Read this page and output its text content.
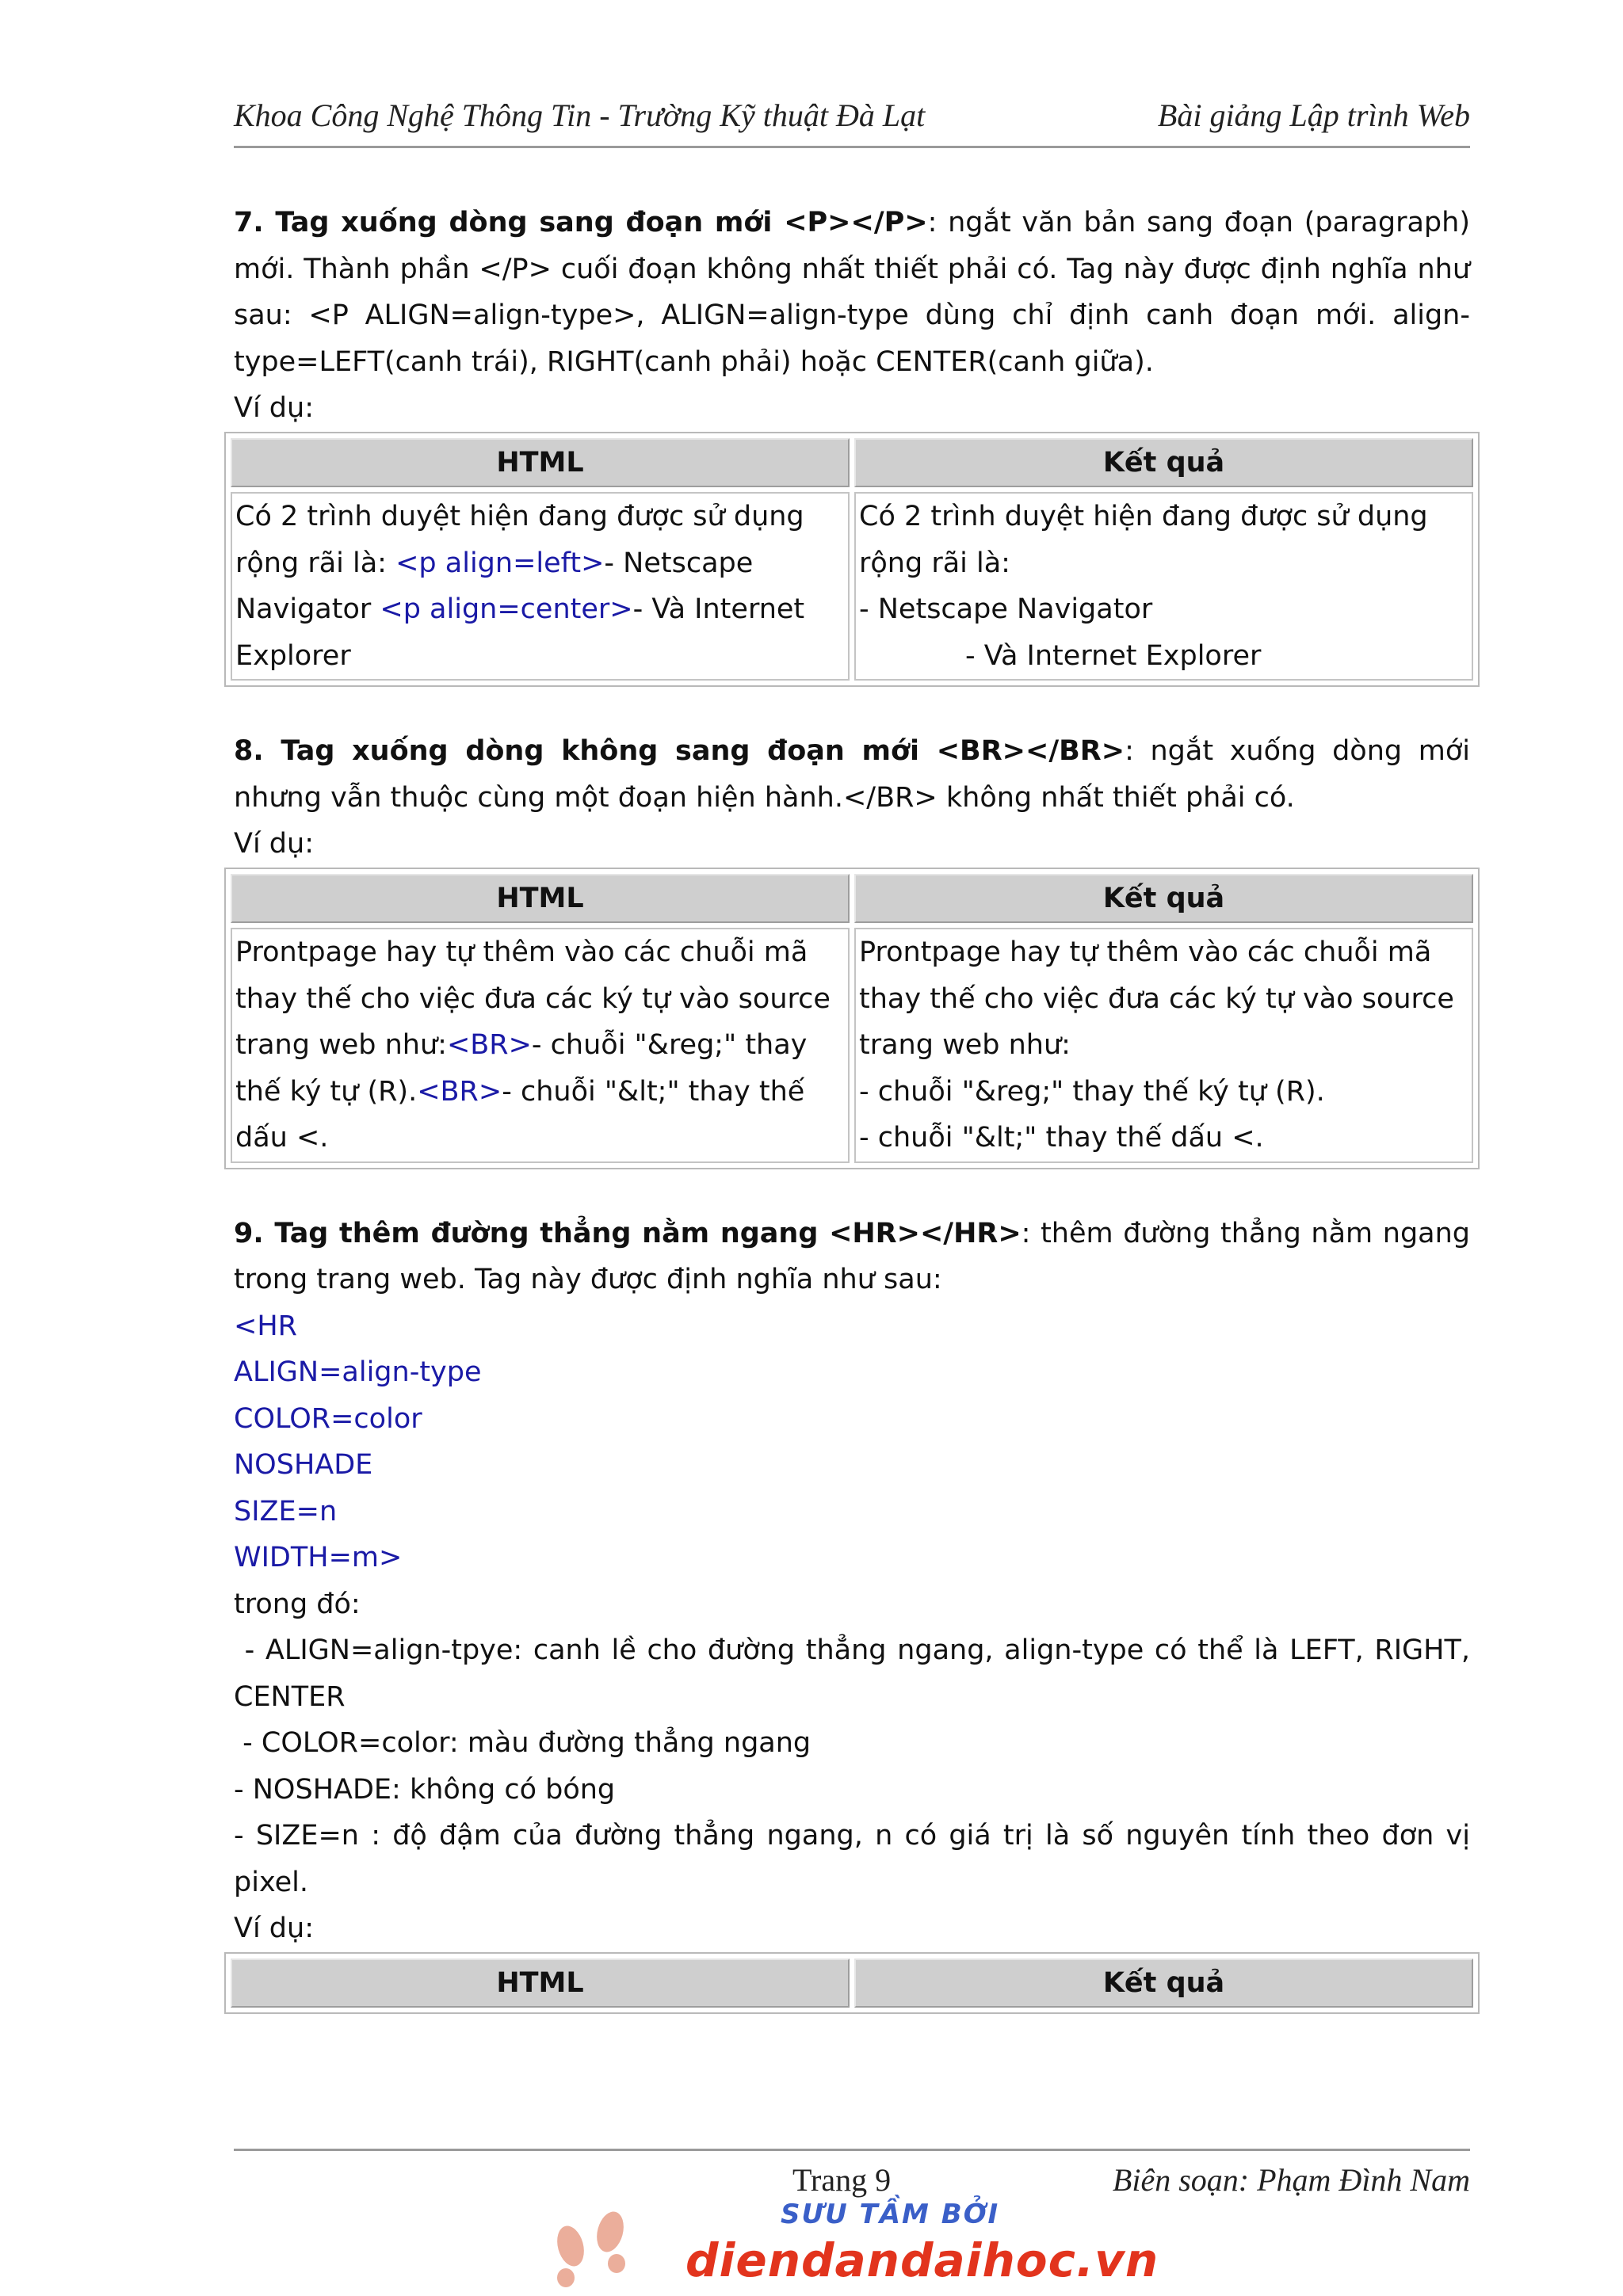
Khoa Công Nghệ Thông Tin - Trường Kỹ thuật Đà Lạt	Bài giảng Lập trình Web

7. Tag xuống dòng sang đoạn mới <P></P>: ngắt văn bản sang đoạn (paragraph) mới. Thành phần </P> cuối đoạn không nhất thiết phải có. Tag này được định nghĩa như sau: <P ALIGN=align-type>, ALIGN=align-type dùng chỉ định canh đoạn mới. align-type=LEFT(canh trái), RIGHT(canh phải) hoặc CENTER(canh giữa).

Ví dụ:

HTML	Kết quả
Có 2 trình duyệt hiện đang được sử dụng rộng rãi là: <p align=left>- Netscape Navigator <p align=center>- Và Internet Explorer	Có 2 trình duyệt hiện đang được sử dụng rộng rãi là:
- Netscape Navigator
- Và Internet Explorer

8. Tag xuống dòng không sang đoạn mới <BR></BR>: ngắt xuống dòng mới nhưng vẫn thuộc cùng một đoạn hiện hành.</BR> không nhất thiết phải có.

Ví dụ:

HTML	Kết quả
Prontpage hay tự thêm vào các chuỗi mã thay thế cho việc đưa các ký tự vào source trang web như:<BR>- chuỗi "&reg;" thay thế ký tự (R).<BR>- chuỗi "&lt;" thay thế dấu <.	Prontpage hay tự thêm vào các chuỗi mã thay thế cho việc đưa các ký tự vào source trang web như:
- chuỗi "&reg;" thay thế ký tự (R).
- chuỗi "&lt;" thay thế dấu <.

9. Tag thêm đường thẳng nằm ngang <HR></HR>: thêm đường thẳng nằm ngang trong trang web. Tag này được định nghĩa như sau:

<HR
ALIGN=align-type
COLOR=color
NOSHADE
SIZE=n
WIDTH=m>

trong đó:

- ALIGN=align-tpye: canh lề cho đường thẳng ngang, align-type có thể là LEFT, RIGHT, CENTER

- COLOR=color: màu đường thẳng ngang

- NOSHADE: không có bóng

- SIZE=n : độ đậm của đường thẳng ngang, n có giá trị là số nguyên tính theo đơn vị pixel.

Ví dụ:

HTML	Kết quả
Trang 9	Biên soạn: Phạm Đình Nam
SƯU TẦM BỞI
diendandaihoc.vn
